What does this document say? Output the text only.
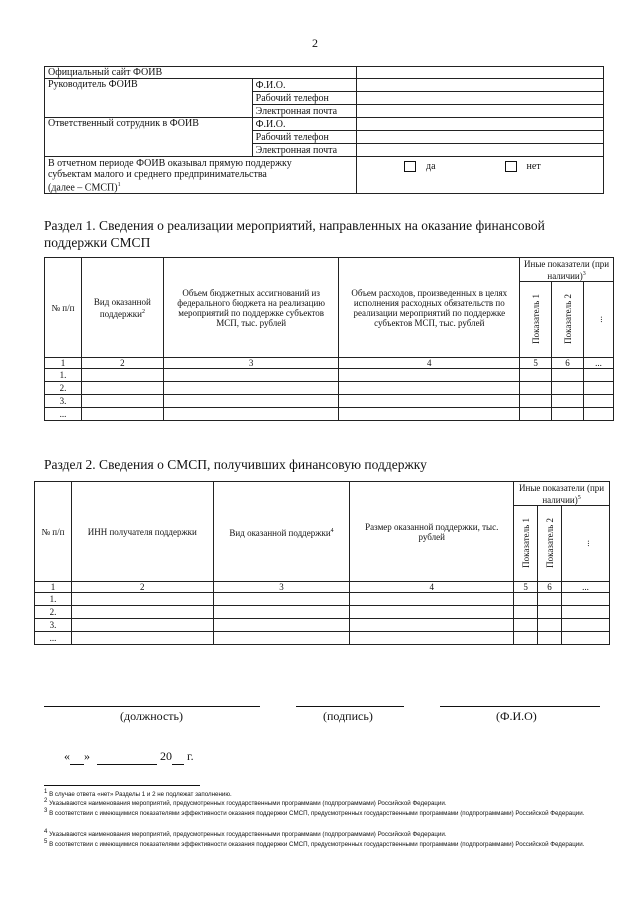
2
Официальный сайт ФОИВ		
Руководитель ФОИВ	Ф.И.О.	
	Рабочий телефон	
	Электронная почта	
Ответственный сотрудник в ФОИВ	Ф.И.О.	
	Рабочий телефон	
	Электронная почта	
В отчетном периоде ФОИВ оказывал прямую поддержку субъектам малого и среднего предпринимательства (далее – СМСП)$^1$		да нет
Раздел 1. Сведения о реализации мероприятий, направленных на оказание финансовой поддержки СМСП
№ п/п	Вид оказанной поддержки$^2$	Объем бюджетных ассигнований из федерального бюджета на реализацию мероприятий по поддержке субъектов МСП, тыс. рублей	Объем расходов, произведенных в целях исполнения расходных обязательств по реализации мероприятий по поддержке субъектов МСП, тыс. рублей	Иные показатели (при наличии)$^3$
				Показатель 1	Показатель 2	...
1	2	3	4	5	6	...
1.						
2.						
3.						
...						
Раздел 2. Сведения о СМСП, получивших финансовую поддержку
№ п/п	ИНН получателя поддержки	Вид оказанной поддержки$^4$	Размер оказанной поддержки, тыс. рублей	Иные показатели (при наличии)$^5$
				Показатель 1	Показатель 2	...
1	2	3	4	5	6	...
1.						
2.						
3.						
...						
(должность)	(подпись)	(Ф.И.О)
« »	20 г.
$^1$ В случае ответа «нет» Разделы 1 и 2 не подлежат заполнению.
$^2$ Указываются наименования мероприятий, предусмотренных государственными программами (подпрограммами) Российской Федерации.
$^3$ В соответствии с имеющимися показателями эффективности оказания поддержки СМСП, предусмотренных государственными программами (подпрограммами) Российской Федерации.
$^4$ Указываются наименования мероприятий, предусмотренных государственными программами (подпрограммами) Российской Федерации.
$^5$ В соответствии с имеющимися показателями эффективности оказания поддержки СМСП, предусмотренных государственными программами (подпрограммами) Российской Федерации.
